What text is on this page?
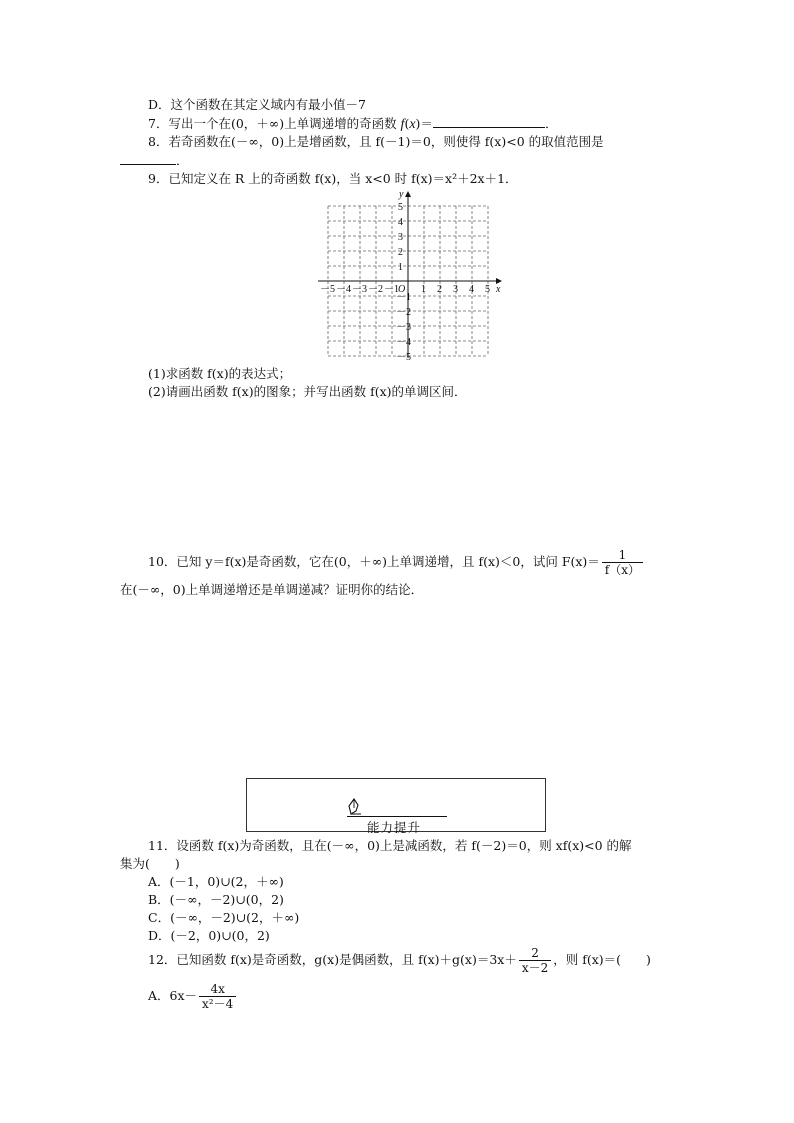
D．这个函数在其定义域内有最小值－7
7．写出一个在(0，＋∞)上单调递增的奇函数 f(x)＝	．
8．若奇函数在(－∞，0)上是增函数，且 f(－1)＝0，则使得 f(x)<0 的取值范围是
．
9．已知定义在 R 上的奇函数 f(x)，当 x<0 时 f(x)＝x²＋2x＋1．
x
y
O
－5 －4 －3 －2 －1 1 2 3 4 5
1
2
3
4
5
－1
－2
－3
－4
－5
(1)求函数 f(x)的表达式；
(2)请画出函数 f(x)的图象；并写出函数 f(x)的单调区间．
10．已知 y＝f(x)是奇函数，它在(0，＋∞)上单调递增，且 f(x)＜0，试问 $F(x)= \frac{1}{f(x)}$
在(－∞，0)上单调递增还是单调递减？证明你的结论．
能力提升
11．设函数 f(x)为奇函数，且在(－∞，0)上是减函数，若 f(－2)＝0，则 xf(x)<0 的解
集为(　　)
A．(－1，0)∪(2，＋∞)
B．(－∞，－2)∪(0，2)
C．(－∞，－2)∪(2，＋∞)
D．(－2，0)∪(0，2)
12．已知函数 f(x)是奇函数，g(x)是偶函数，且 $f(x)+g(x)=3x+ \frac{2}{x-2}$ ，则 f(x)＝(　　)
A．$6x- \frac{4x}{\text{x²－4}}$
